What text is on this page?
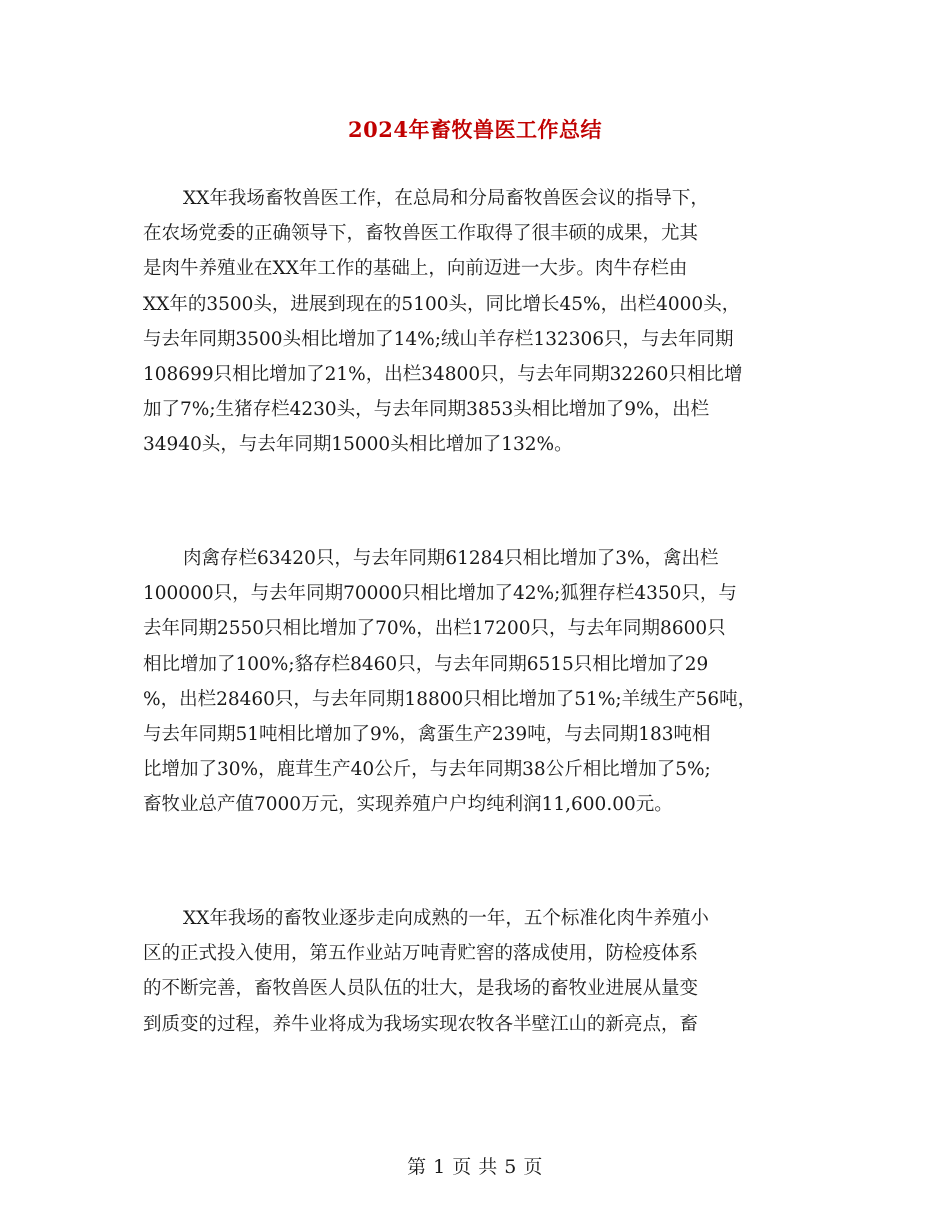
2024年畜牧兽医工作总结
XX年我场畜牧兽医工作，在总局和分局畜牧兽医会议的指导下，
在农场党委的正确领导下，畜牧兽医工作取得了很丰硕的成果，尤其
是肉牛养殖业在XX年工作的基础上，向前迈进一大步。肉牛存栏由
XX年的3500头，进展到现在的5100头，同比增长45%，出栏4000头，
与去年同期3500头相比增加了14%;绒山羊存栏132306只，与去年同期
108699只相比增加了21%，出栏34800只，与去年同期32260只相比增
加了7%;生猪存栏4230头，与去年同期3853头相比增加了9%，出栏
34940头，与去年同期15000头相比增加了132%。
肉禽存栏63420只，与去年同期61284只相比增加了3%，禽出栏
100000只，与去年同期70000只相比增加了42%;狐狸存栏4350只，与
去年同期2550只相比增加了70%，出栏17200只，与去年同期8600只
相比增加了100%;貉存栏8460只，与去年同期6515只相比增加了29
%，出栏28460只，与去年同期18800只相比增加了51%;羊绒生产56吨，
与去年同期51吨相比增加了9%，禽蛋生产239吨，与去同期183吨相
比增加了30%，鹿茸生产40公斤，与去年同期38公斤相比增加了5%;
畜牧业总产值7000万元，实现养殖户户均纯利润11,600.00元。
XX年我场的畜牧业逐步走向成熟的一年，五个标准化肉牛养殖小
区的正式投入使用，第五作业站万吨青贮窖的落成使用，防检疫体系
的不断完善，畜牧兽医人员队伍的壮大，是我场的畜牧业进展从量变
到质变的过程，养牛业将成为我场实现农牧各半壁江山的新亮点，畜
第 1 页 共 5 页
